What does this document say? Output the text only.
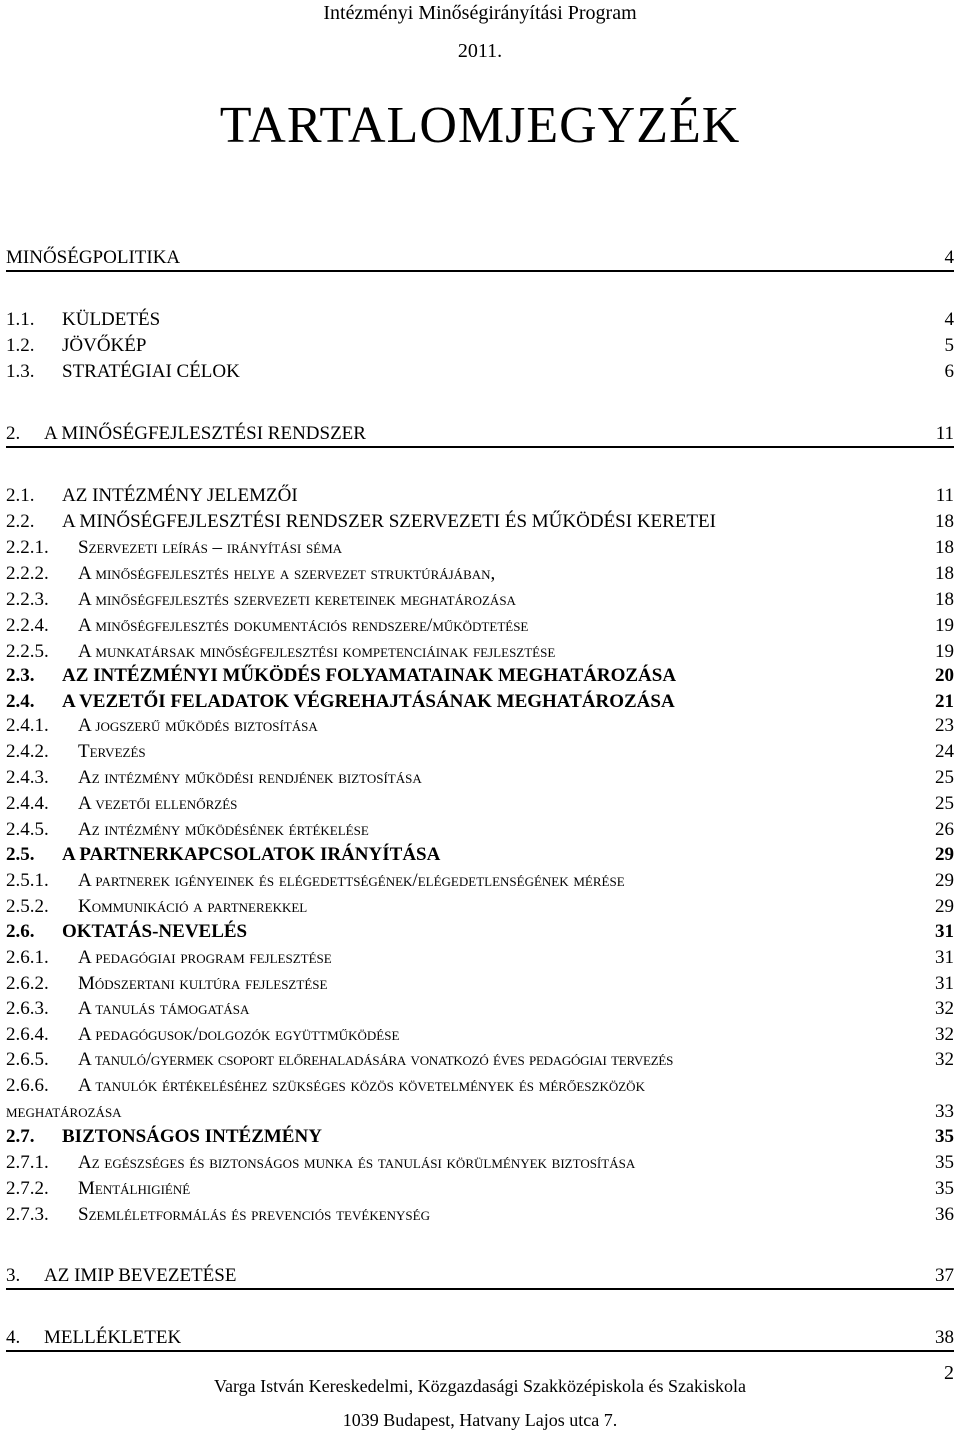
Intézményi Minőségirányítási Program
2011.
TARTALOMJEGYZÉK
MINŐSÉGPOLITIKA	4
1.1. KÜLDETÉS	4
1.2. JÖVŐKÉP	5
1.3. STRATÉGIAI CÉLOK	6
2. A MINŐSÉGFEJLESZTÉSI RENDSZER	11
2.1. AZ INTÉZMÉNY JELEMZŐI	11
2.2. A MINŐSÉGFEJLESZTÉSI RENDSZER SZERVEZETI ÉS MŰKÖDÉSI KERETEI	18
2.2.1. Szervezeti leírás – irányítási séma	18
2.2.2. A minőségfejlesztés helye a szervezet struktúrájában,	18
2.2.3. A minőségfejlesztés szervezeti kereteinek meghatározása	18
2.2.4. A minőségfejlesztés dokumentációs rendszere/működtetése	19
2.2.5. A munkatársak minőségfejlesztési kompetenciáinak fejlesztése	19
2.3. AZ INTÉZMÉNYI MŰKÖDÉS FOLYAMATAINAK MEGHATÁROZÁSA	20
2.4. A VEZETŐI FELADATOK VÉGREHAJTÁSÁNAK MEGHATÁROZÁSA	21
2.4.1. A jogszerű működés biztosítása	23
2.4.2. Tervezés	24
2.4.3. Az intézmény működési rendjének biztosítása	25
2.4.4. A vezetői ellenőrzés	25
2.4.5. Az intézmény működésének értékelése	26
2.5. A PARTNERKAPCSOLATOK IRÁNYÍTÁSA	29
2.5.1. A partnerek igényeinek és elégedettségének/elégedetlenségének mérése	29
2.5.2. Kommunikáció a partnerekkel	29
2.6. OKTATÁS-NEVELÉS	31
2.6.1. A pedagógiai program fejlesztése	31
2.6.2. Módszertani kultúra fejlesztése	31
2.6.3. A tanulás támogatása	32
2.6.4. A pedagógusok/dolgozók együttműködése	32
2.6.5. A tanuló/gyermek csoport előrehaladására vonatkozó éves pedagógiai tervezés	32
2.6.6. A tanulók értékeléséhez szükséges közös követelmények és mérőeszközök
meghatározása	33
2.7. BIZTONSÁGOS INTÉZMÉNY	35
2.7.1. Az egészséges és biztonságos munka és tanulási körülmények biztosítása	35
2.7.2. Mentálhigiéné	35
2.7.3. Szemléletformálás és prevenciós tevékenység	36
3. AZ IMIP BEVEZETÉSE	37
4. MELLÉKLETEK	38
2
Varga István Kereskedelmi, Közgazdasági Szakközépiskola és Szakiskola
1039 Budapest, Hatvany Lajos utca 7.
